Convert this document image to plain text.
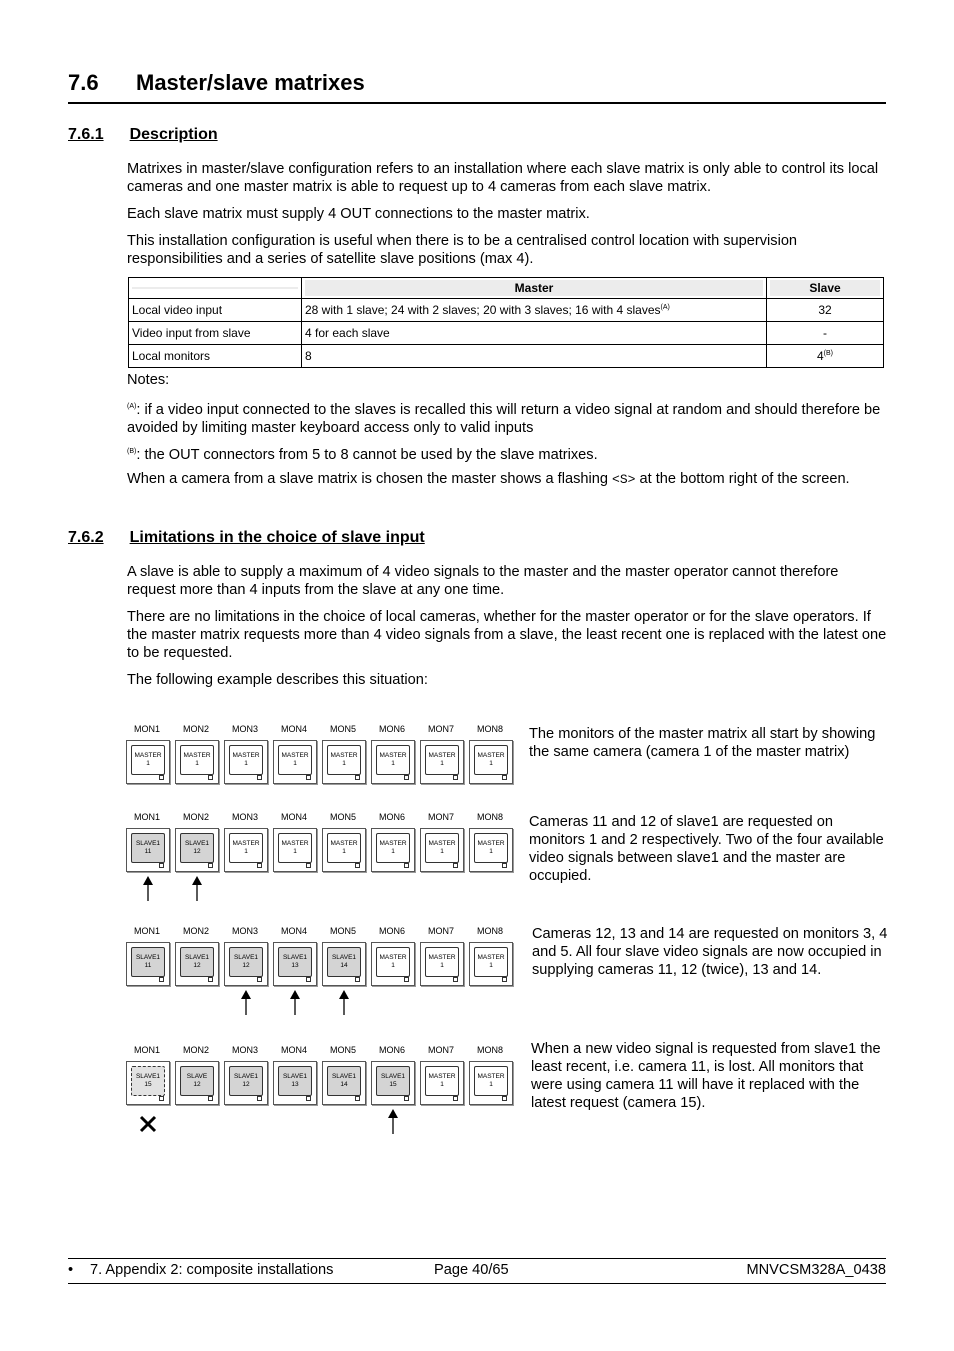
7.6 Master/slave matrixes
7.6.1 Description
Matrixes in master/slave configuration refers to an installation where each slave matrix is only able to control its local cameras and one master matrix is able to request up to 4 cameras from each slave matrix.
Each slave matrix must supply 4 OUT connections to the master matrix.
This installation configuration is useful when there is to be a centralised control location with supervision responsibilities and a series of satellite slave positions (max 4).

	Master	Slave

Local video input	28 with 1 slave; 24 with 2 slaves; 20 with 3 slaves; 16 with 4 slaves$^{(A)}$	32
Video input from slave	4 for each slave	-
Local monitors	8	$4^{(B)}$
Notes:
$^{(A)}$: if a video input connected to the slaves is recalled this will return a video signal at random and should therefore be avoided by limiting master keyboard access only to valid inputs
$^{(B)}$: the OUT connectors from 5 to 8 cannot be used by the slave matrixes.
When a camera from a slave matrix is chosen the master shows a flashing <S> at the bottom right of the screen.
7.6.2 Limitations in the choice of slave input
A slave is able to supply a maximum of 4 video signals to the master and the master operator cannot therefore request more than 4 inputs from the slave at any one time.
There are no limitations in the choice of local cameras, whether for the master operator or for the slave operators. If the master matrix requests more than 4 video signals from a slave, the least recent one is replaced with the latest one to be requested.
The following example describes this situation:
MON1
MASTER
1
MON2
MASTER
1
MON3
MASTER
1
MON4
MASTER
1
MON5
MASTER
1
MON6
MASTER
1
MON7
MASTER
1
MON8
MASTER
1
The monitors of the master matrix all start by showing the same camera (camera 1 of the master matrix)
MON1
SLAVE1
11
MON2
SLAVE1
12
MON3
MASTER
1
MON4
MASTER
1
MON5
MASTER
1
MON6
MASTER
1
MON7
MASTER
1
MON8
MASTER
1
Cameras 11 and 12 of slave1 are requested on monitors 1 and 2 respectively. Two of the four available video signals between slave1 and the master are occupied.
MON1
SLAVE1
11
MON2
SLAVE1
12
MON3
SLAVE1
12
MON4
SLAVE1
13
MON5
SLAVE1
14
MON6
MASTER
1
MON7
MASTER
1
MON8
MASTER
1
Cameras 12, 13 and 14 are requested on monitors 3, 4 and 5. All four slave video signals are now occupied in supplying cameras 11, 12 (twice), 13 and 14.
MON1
SLAVE1
15
MON2
SLAVE
12
MON3
SLAVE1
12
MON4
SLAVE1
13
MON5
SLAVE1
14
MON6
SLAVE1
15
MON7
MASTER
1
MON8
MASTER
1
When a new video signal is requested from slave1 the least recent, i.e. camera 11, is lost. All monitors that were using camera 11 will have it replaced with the latest request (camera 15).
• 7. Appendix 2: composite installations	Page 40/65	MNVCSM328A_0438
